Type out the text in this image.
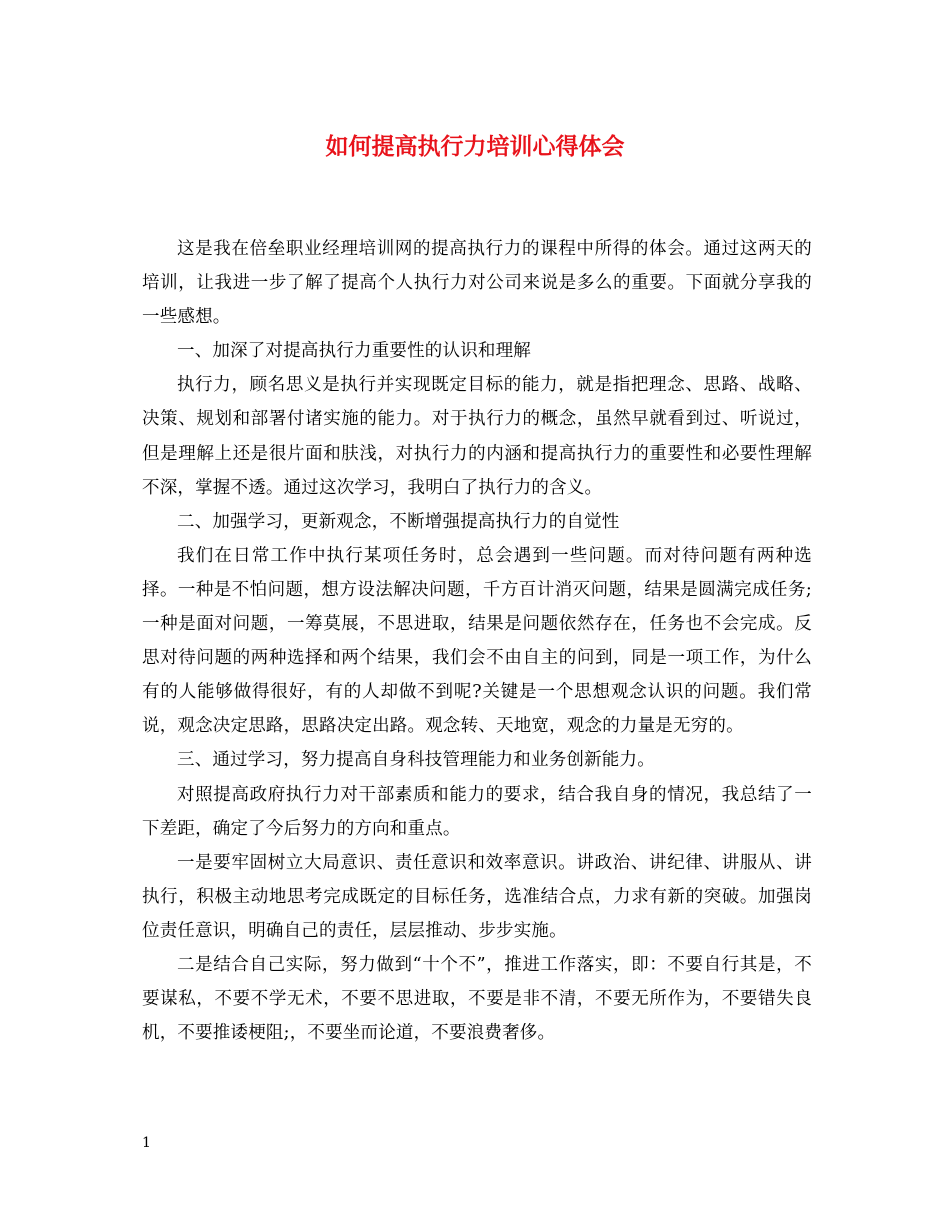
如何提高执行力培训心得体会

这是我在倍垒职业经理培训网的提高执行力的课程中所得的体会。通过这两天的培训，让我进一步了解了提高个人执行力对公司来说是多么的重要。下面就分享我的一些感想。

一、加深了对提高执行力重要性的认识和理解

执行力，顾名思义是执行并实现既定目标的能力，就是指把理念、思路、战略、决策、规划和部署付诸实施的能力。对于执行力的概念，虽然早就看到过、听说过，但是理解上还是很片面和肤浅，对执行力的内涵和提高执行力的重要性和必要性理解不深，掌握不透。通过这次学习，我明白了执行力的含义。

二、加强学习，更新观念，不断增强提高执行力的自觉性

我们在日常工作中执行某项任务时，总会遇到一些问题。而对待问题有两种选择。一种是不怕问题，想方设法解决问题，千方百计消灭问题，结果是圆满完成任务;一种是面对问题，一筹莫展，不思进取，结果是问题依然存在，任务也不会完成。反思对待问题的两种选择和两个结果，我们会不由自主的问到，同是一项工作，为什么有的人能够做得很好，有的人却做不到呢?关键是一个思想观念认识的问题。我们常说，观念决定思路，思路决定出路。观念转、天地宽，观念的力量是无穷的。

三、通过学习，努力提高自身科技管理能力和业务创新能力。

对照提高政府执行力对干部素质和能力的要求，结合我自身的情况，我总结了一下差距，确定了今后努力的方向和重点。

一是要牢固树立大局意识、责任意识和效率意识。讲政治、讲纪律、讲服从、讲执行，积极主动地思考完成既定的目标任务，选准结合点，力求有新的突破。加强岗位责任意识，明确自己的责任，层层推动、步步实施。

二是结合自己实际，努力做到“十个不”，推进工作落实，即：不要自行其是，不要谋私，不要不学无术，不要不思进取，不要是非不清，不要无所作为，不要错失良机，不要推诿梗阻;，不要坐而论道，不要浪费奢侈。

1
